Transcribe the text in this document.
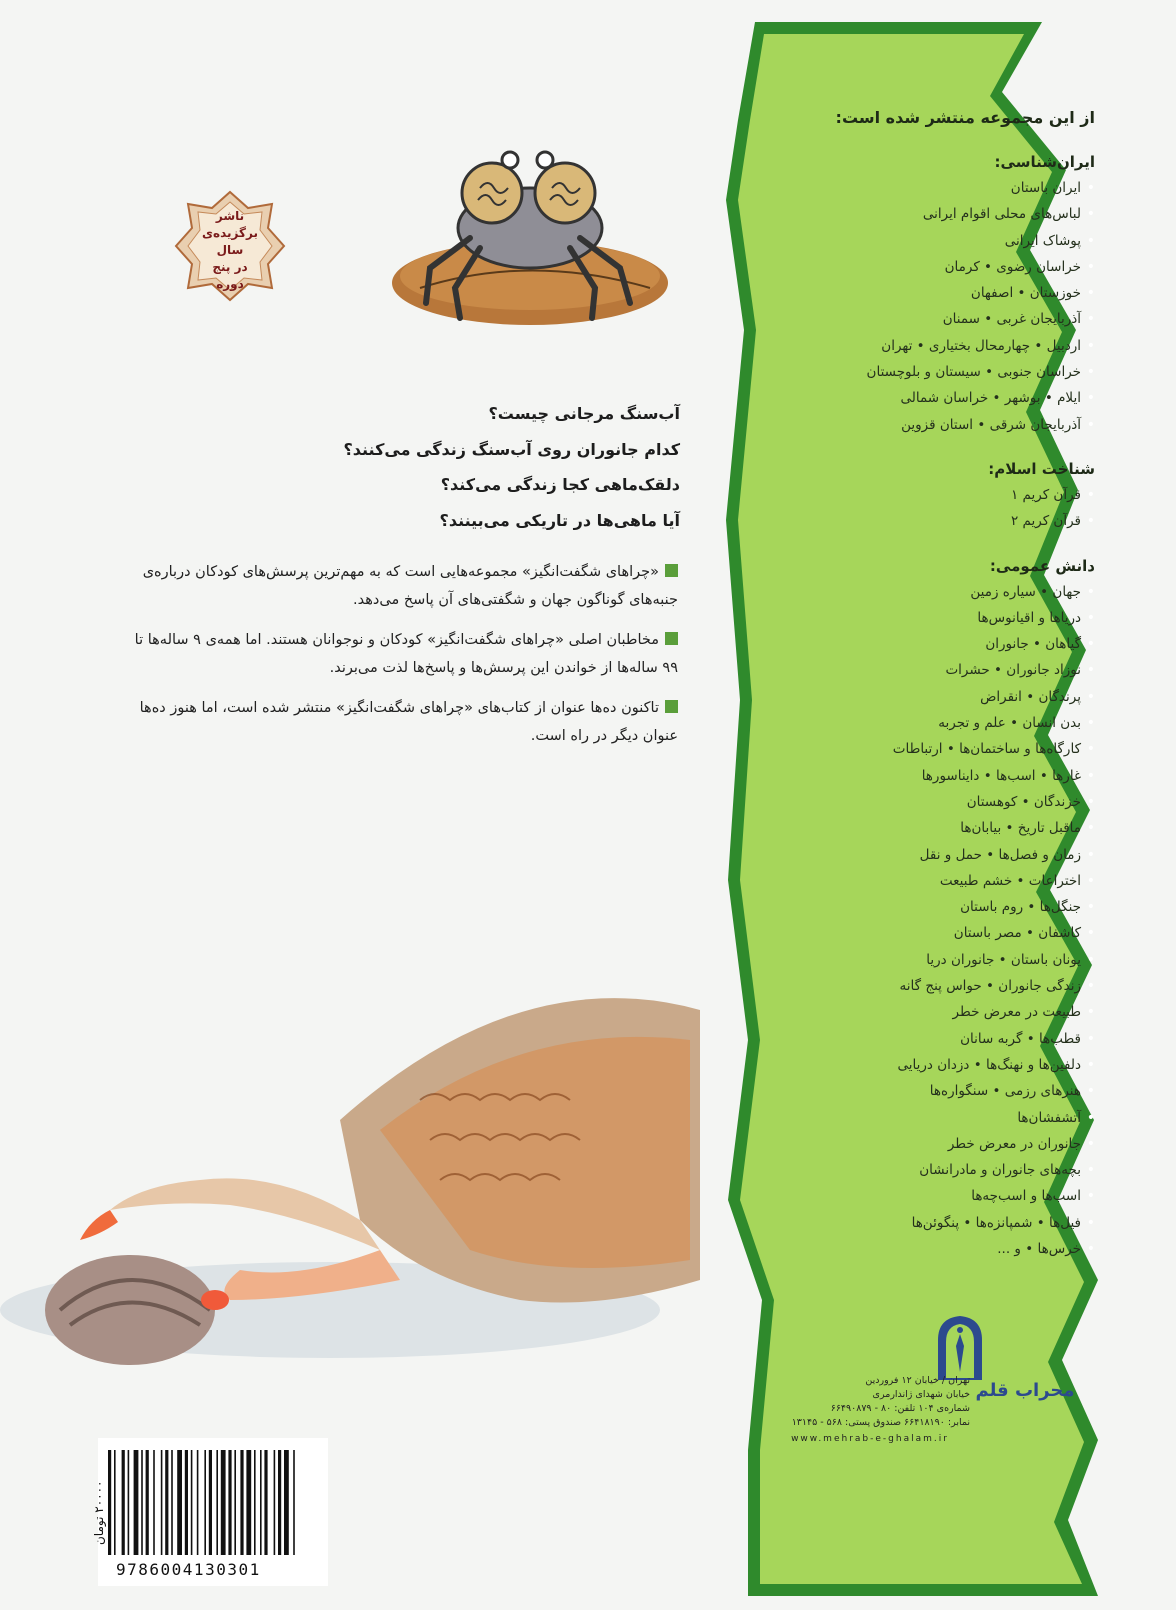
از این مجموعه منتشر شده است:

ایران‌شناسی:

• ایران باستان
• لباس‌های محلی اقوام ایرانی
• پوشاک ایرانی
• خراسان رضوی • کرمان
• خوزستان • اصفهان
• آذربایجان غربی • سمنان
• اردبیل • چهارمحال بختیاری • تهران
• خراسان جنوبی • سیستان و بلوچستان
• ایلام • بوشهر • خراسان شمالی
• آذربایجان شرقی • استان قزوین

شناخت اسلام:

• قرآن کریم ۱
• قرآن کریم ۲

دانش عمومی:

• جهان • سیاره زمین
• دریاها و اقیانوس‌ها
• گیاهان • جانوران
• نوزاد جانوران • حشرات
• پرندگان • انقراض
• بدن انسان • علم و تجربه
• کارگاه‌ها و ساختمان‌ها • ارتباطات
• غارها • اسب‌ها • دایناسورها
• خزندگان • کوهستان
• ماقبل تاریخ • بیابان‌ها
• زمان و فصل‌ها • حمل و نقل
• اختراعات • خشم طبیعت
• جنگل‌ها • روم باستان
• کاشفان • مصر باستان
• یونان باستان • جانوران دریا
• زندگی جانوران • حواس پنج گانه
• طبیعت در معرض خطر
• قطب‌ها • گربه سانان
• دلفین‌ها و نهنگ‌ها • دزدان دریایی
• هنرهای رزمی • سنگواره‌ها
• آتشفشان‌ها
• جانوران در معرض خطر
• بچه‌های جانوران و مادرانشان
• اسب‌ها و اسب‌چه‌ها
• فیل‌ها • شمپانزه‌ها • پنگوئن‌ها
• خرس‌ها • و ...
محراب قلم
تهران / خیابان ۱۲ فروردین
خیابان شهدای ژاندارمری
شماره‌ی ۱۰۴ تلفن: ۸۰ - ۶۶۴۹۰۸۷۹
نمابر: ۶۶۴۱۸۱۹۰ صندوق پستی: ۵۶۸ - ۱۳۱۴۵
www.mehrab-e-ghalam.ir
ناشر
برگزیده‌ی
سال
در پنج
دوره

آب‌سنگ مرجانی چیست؟

کدام جانوران روی آب‌سنگ زندگی می‌کنند؟

دلقک‌ماهی کجا زندگی می‌کند؟

آیا ماهی‌ها در تاریکی می‌بینند؟

«چراهای شگفت‌انگیز» مجموعه‌هایی است که به مهم‌ترین پرسش‌های کودکان درباره‌ی جنبه‌های گوناگون جهان و شگفتی‌های آن پاسخ می‌دهد.

مخاطبان اصلی «چراهای شگفت‌انگیز» کودکان و نوجوانان هستند. اما همه‌ی ۹ ساله‌ها تا ۹۹ ساله‌ها از خواندن این پرسش‌ها و پاسخ‌ها لذت می‌برند.

تاکنون ده‌ها عنوان از کتاب‌های «چراهای شگفت‌انگیز» منتشر شده است، اما هنوز ده‌ها عنوان دیگر در راه است.

9786004130301
۲۰۰۰۰ تومان
